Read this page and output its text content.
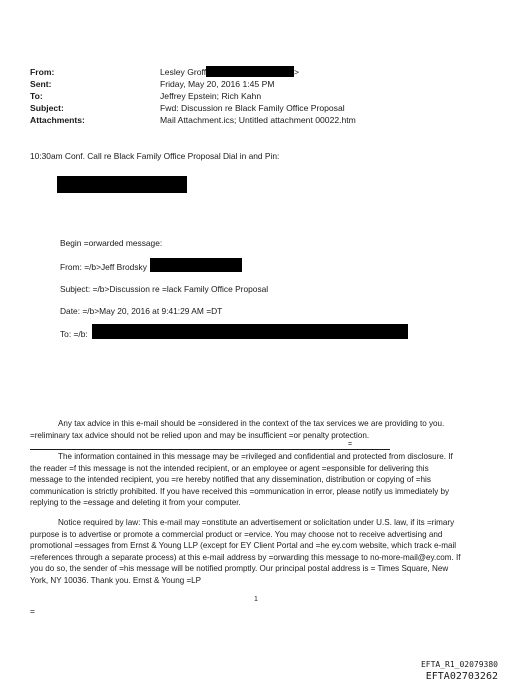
From:	Lesley Groff	>
Sent:	Friday, May 20, 2016 1:45 PM
To:	Jeffrey Epstein; Rich Kahn
Subject:	Fwd: Discussion re Black Family Office Proposal
Attachments:	Mail Attachment.ics; Untitled attachment 00022.htm
10:30am Conf. Call re Black Family Office Proposal Dial in and Pin:
Begin =orwarded message:
From: =/b>Jeff Brodsky
Subject: =/b>Discussion re =lack Family Office Proposal
Date: =/b>May 20, 2016 at 9:41:29 AM =DT
To: =/b:
Any tax advice in this e-mail should be =onsidered in the context of the tax services we are providing to you.
=reliminary tax advice should not be relied upon and may be insufficient =or penalty protection.
=
The information contained in this message may be =rivileged and confidential and protected from disclosure. If
the reader =f this message is not the intended recipient, or an employee or agent =esponsible for delivering this
message to the intended recipient, you =re hereby notified that any dissemination, distribution or copying of =his
communication is strictly prohibited. If you have received this =ommunication in error, please notify us immediately by
replying to the =essage and deleting it from your computer.
Notice required by law: This e-mail may =onstitute an advertisement or solicitation under U.S. law, if its =rimary
purpose is to advertise or promote a commercial product or =ervice. You may choose not to receive advertising and
promotional =essages from Ernst & Young LLP (except for EY Client Portal and =he ey.com website, which track e-mail
=references through a separate process) at this e-mail address by =orwarding this message to no-more-mail@ey.com. If
you do so, the sender of =his message will be notified promptly. Our principal postal address is = Times Square, New
York, NY 10036. Thank you. Ernst & Young =LP
=
1
EFTA_R1_02079380
EFTA02703262
